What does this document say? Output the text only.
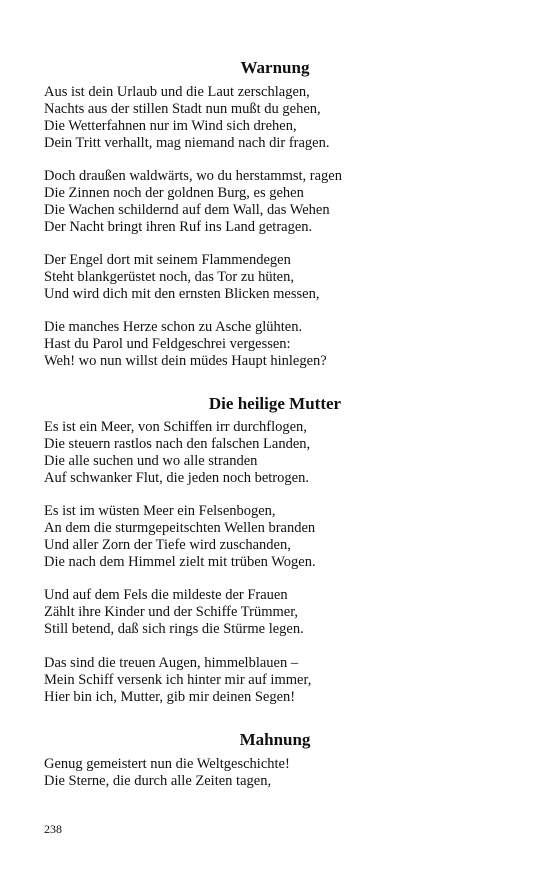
Warnung
Aus ist dein Urlaub und die Laut zerschlagen,
Nachts aus der stillen Stadt nun mußt du gehen,
Die Wetterfahnen nur im Wind sich drehen,
Dein Tritt verhallt, mag niemand nach dir fragen.
Doch draußen waldwärts, wo du herstammst, ragen
Die Zinnen noch der goldnen Burg, es gehen
Die Wachen schildernd auf dem Wall, das Wehen
Der Nacht bringt ihren Ruf ins Land getragen.
Der Engel dort mit seinem Flammendegen
Steht blankgerüstet noch, das Tor zu hüten,
Und wird dich mit den ernsten Blicken messen,
Die manches Herze schon zu Asche glühten.
Hast du Parol und Feldgeschrei vergessen:
Weh! wo nun willst dein müdes Haupt hinlegen?
Die heilige Mutter
Es ist ein Meer, von Schiffen irr durchflogen,
Die steuern rastlos nach den falschen Landen,
Die alle suchen und wo alle stranden
Auf schwanker Flut, die jeden noch betrogen.
Es ist im wüsten Meer ein Felsenbogen,
An dem die sturmgepeitschten Wellen branden
Und aller Zorn der Tiefe wird zuschanden,
Die nach dem Himmel zielt mit trüben Wogen.
Und auf dem Fels die mildeste der Frauen
Zählt ihre Kinder und der Schiffe Trümmer,
Still betend, daß sich rings die Stürme legen.
Das sind die treuen Augen, himmelblauen –
Mein Schiff versenk ich hinter mir auf immer,
Hier bin ich, Mutter, gib mir deinen Segen!
Mahnung
Genug gemeistert nun die Weltgeschichte!
Die Sterne, die durch alle Zeiten tagen,
238
